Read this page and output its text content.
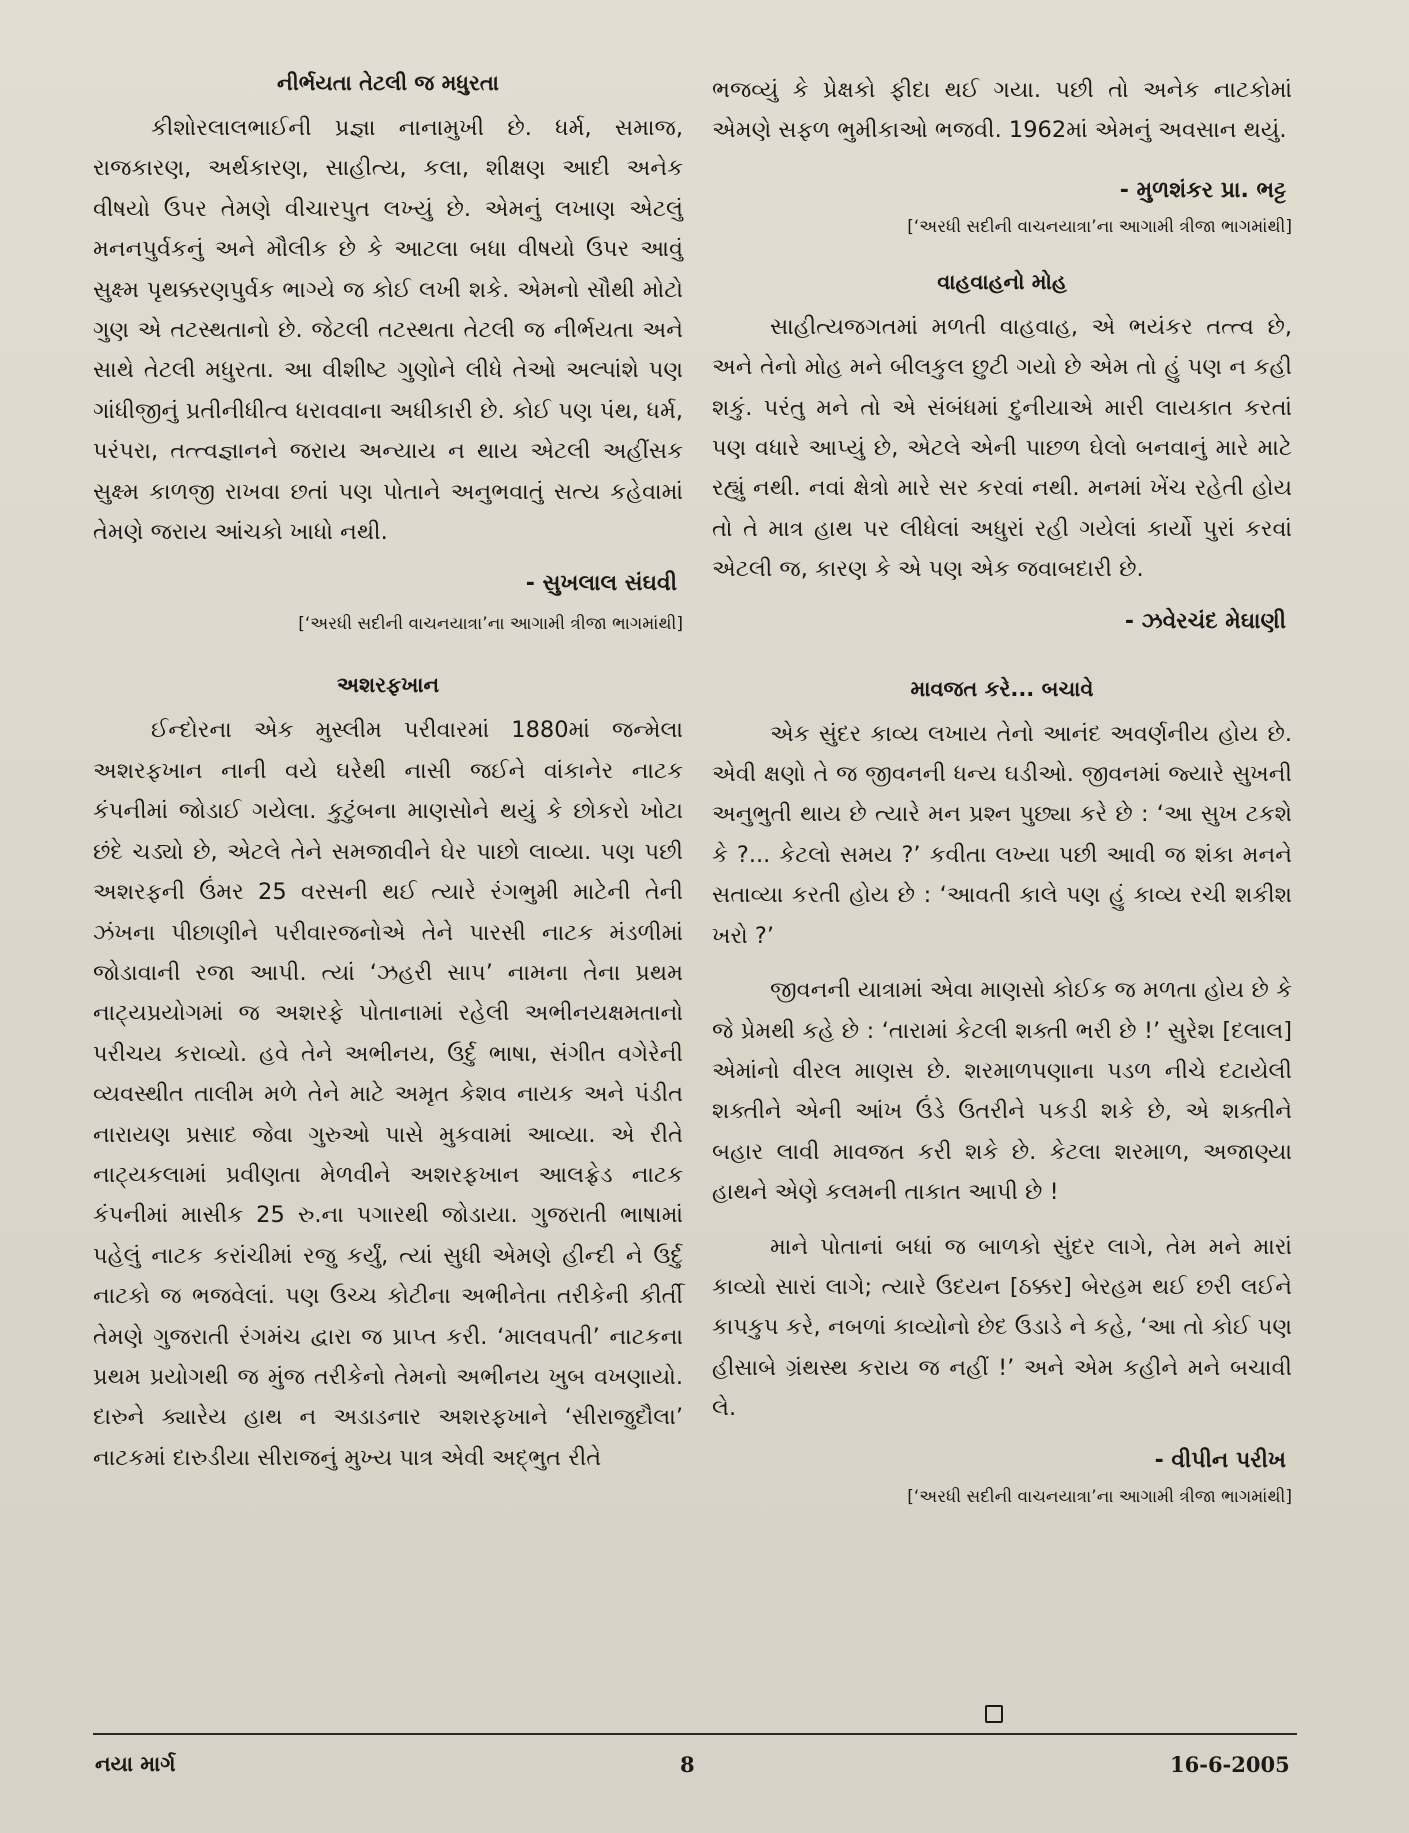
નીર્ભયતા તેટલી જ મધુરતા

કીશોરલાલભાઈની પ્રજ્ઞા નાનામુખી છે. ધર્મ, સમાજ, રાજકારણ, અર્થકારણ, સાહીત્ય, કલા, શીક્ષણ આદી અનેક વીષયો ઉપર તેમણે વીચારપુત લખ્યું છે. એમનું લખાણ એટલું મનનપુર્વકનું અને મૌલીક છે કે આટલા બધા વીષયો ઉપર આવું સુક્ષ્મ પૃથક્કરણપુર્વક ભાગ્યે જ કોઈ લખી શકે. એમનો સૌથી મોટો ગુણ એ તટસ્થતાનો છે. જેટલી તટસ્થતા તેટલી જ નીર્ભયતા અને સાથે તેટલી મધુરતા. આ વીશીષ્ટ ગુણોને લીધે તેઓ અલ્પાંશે પણ ગાંધીજીનું પ્રતીનીધીત્વ ધરાવવાના અધીકારી છે. કોઈ પણ પંથ, ધર્મ, પરંપરા, તત્ત્વજ્ઞાનને જરાય અન્યાય ન થાય એટલી અહીંસક સુક્ષ્મ કાળજી રાખવા છતાં પણ પોતાને અનુભવાતું સત્ય કહેવામાં તેમણે જરાય આંચકો ખાધો નથી.

- સુખલાલ સંઘવી
[‘અરધી સદીની વાચનયાત્રા’ના આગામી ત્રીજા ભાગમાંથી]
અશરફખાન

ઈન્દોરના એક મુસ્લીમ પરીવારમાં 1880માં જન્મેલા અશરફખાન નાની વયે ઘરેથી નાસી જઈને વાંકાનેર નાટક કંપનીમાં જોડાઈ ગયેલા. કુટુંબના માણસોને થયું કે છોકરો ખોટા છંદે ચડ્યો છે, એટલે તેને સમજાવીને ઘેર પાછો લાવ્યા. પણ પછી અશરફની ઉંમર 25 વરસની થઈ ત્યારે રંગભુમી માટેની તેની ઝંખના પીછાણીને પરીવારજનોએ તેને પારસી નાટક મંડળીમાં જોડાવાની રજા આપી. ત્યાં ‘ઝહરી સાપ’ નામના તેના પ્રથમ નાટ્યપ્રયોગમાં જ અશરફે પોતાનામાં રહેલી અભીનયક્ષમતાનો પરીચય કરાવ્યો. હવે તેને અભીનય, ઉર્દુ ભાષા, સંગીત વગેરેની વ્યવસ્થીત તાલીમ મળે તેને માટે અમૃત કેશવ નાયક અને પંડીત નારાયણ પ્રસાદ જેવા ગુરુઓ પાસે મુકવામાં આવ્યા. એ રીતે નાટ્યકલામાં પ્રવીણતા મેળવીને અશરફખાન આલફ્રેડ નાટક કંપનીમાં માસીક 25 રુ.ના પગારથી જોડાયા. ગુજરાતી ભાષામાં પહેલું નાટક કરાંચીમાં રજુ કર્યું, ત્યાં સુધી એમણે હીન્દી ને ઉર્દુ નાટકો જ ભજવેલાં. પણ ઉચ્ચ કોટીના અભીનેતા તરીકેની કીર્તી તેમણે ગુજરાતી રંગમંચ દ્વારા જ પ્રાપ્ત કરી. ‘માલવપતી’ નાટકના પ્રથમ પ્રયોગથી જ મુંજ તરીકેનો તેમનો અભીનય ખુબ વખણાયો. દારુને ક્યારેય હાથ ન અડાડનાર અશરફખાને ‘સીરાજુદૌલા’ નાટકમાં દારુડીયા સીરાજનું મુખ્ય પાત્ર એવી અદ્‌ભુત રીતે

ભજવ્યું કે પ્રેક્ષકો ફીદા થઈ ગયા. પછી તો અનેક નાટકોમાં એમણે સફળ ભુમીકાઓ ભજવી. 1962માં એમનું અવસાન થયું.

- મુળશંકર પ્રા. ભટ્ટ
[‘અરધી સદીની વાચનયાત્રા’ના આગામી ત્રીજા ભાગમાંથી]
વાહવાહનો મોહ

સાહીત્યજગતમાં મળતી વાહવાહ, એ ભયંકર તત્ત્વ છે, અને તેનો મોહ મને બીલકુલ છુટી ગયો છે એમ તો હું પણ ન કહી શકું. પરંતુ મને તો એ સંબંધમાં દુનીયાએ મારી લાયકાત કરતાં પણ વધારે આપ્યું છે, એટલે એની પાછળ ઘેલો બનવાનું મારે માટે રહ્યું નથી. નવાં ક્ષેત્રો મારે સર કરવાં નથી. મનમાં ખેંચ રહેતી હોય તો તે માત્ર હાથ પર લીધેલાં અધુરાં રહી ગયેલાં કાર્યો પુરાં કરવાં એટલી જ, કારણ કે એ પણ એક જવાબદારી છે.

- ઝવેરચંદ મેઘાણી
માવજત કરે... બચાવે

એક સુંદર કાવ્ય લખાય તેનો આનંદ અવર્ણનીય હોય છે. એવી ક્ષણો તે જ જીવનની ધન્ય ઘડીઓ. જીવનમાં જ્યારે સુખની અનુભુતી થાય છે ત્યારે મન પ્રશ્ન પુછ્યા કરે છે : ‘આ સુખ ટકશે કે ?... કેટલો સમય ?’ કવીતા લખ્યા પછી આવી જ શંકા મનને સતાવ્યા કરતી હોય છે : ‘આવતી કાલે પણ હું કાવ્ય રચી શકીશ ખરો ?’

જીવનની યાત્રામાં એવા માણસો કોઈક જ મળતા હોય છે કે જે પ્રેમથી કહે છે : ‘તારામાં કેટલી શક્તી ભરી છે !’ સુરેશ [દલાલ] એમાંનો વીરલ માણસ છે. શરમાળપણાના પડળ નીચે દટાયેલી શક્તીને એની આંખ ઉંડે ઉતરીને પકડી શકે છે, એ શક્તીને બહાર લાવી માવજત કરી શકે છે. કેટલા શરમાળ, અજાણ્યા હાથને એણે કલમની તાકાત આપી છે !

માને પોતાનાં બધાં જ બાળકો સુંદર લાગે, તેમ મને મારાં કાવ્યો સારાં લાગે; ત્યારે ઉદયન [ઠક્કર] બેરહમ થઈ છરી લઈને કાપકુપ કરે, નબળાં કાવ્યોનો છેદ ઉડાડે ને કહે, ‘આ તો કોઈ પણ હીસાબે ગ્રંથસ્થ કરાય જ નહીં !’ અને એમ કહીને મને બચાવી લે.

- વીપીન પરીખ
[‘અરધી સદીની વાચનયાત્રા’ના આગામી ત્રીજા ભાગમાંથી]
નયા માર્ગ	8	16-6-2005
